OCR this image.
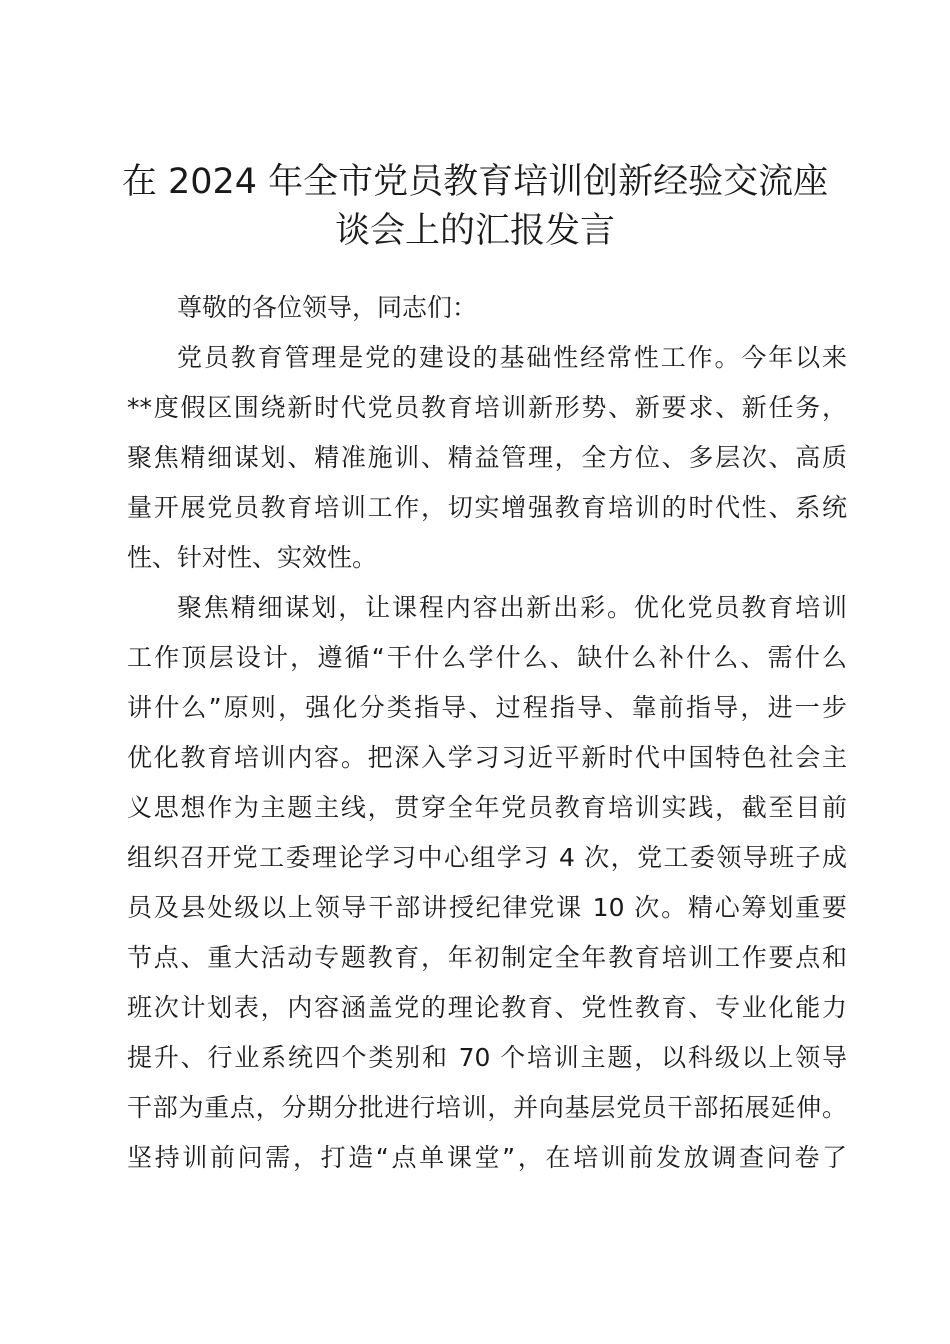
在 2024 年全市党员教育培训创新经验交流座
谈会上的汇报发言
尊敬的各位领导，同志们：
党员教育管理是党的建设的基础性经常性工作。今年以来
**度假区围绕新时代党员教育培训新形势、新要求、新任务，
聚焦精细谋划、精准施训、精益管理，全方位、多层次、高质
量开展党员教育培训工作，切实增强教育培训的时代性、系统
性、针对性、实效性。
聚焦精细谋划，让课程内容出新出彩。优化党员教育培训
工作顶层设计，遵循“干什么学什么、缺什么补什么、需什么
讲什么”原则，强化分类指导、过程指导、靠前指导，进一步
优化教育培训内容。把深入学习习近平新时代中国特色社会主
义思想作为主题主线，贯穿全年党员教育培训实践，截至目前
组织召开党工委理论学习中心组学习 4 次，党工委领导班子成
员及县处级以上领导干部讲授纪律党课 10 次。精心筹划重要
节点、重大活动专题教育，年初制定全年教育培训工作要点和
班次计划表，内容涵盖党的理论教育、党性教育、专业化能力
提升、行业系统四个类别和 70 个培训主题，以科级以上领导
干部为重点，分期分批进行培训，并向基层党员干部拓展延伸。
坚持训前问需，打造“点单课堂”，在培训前发放调查问卷了
